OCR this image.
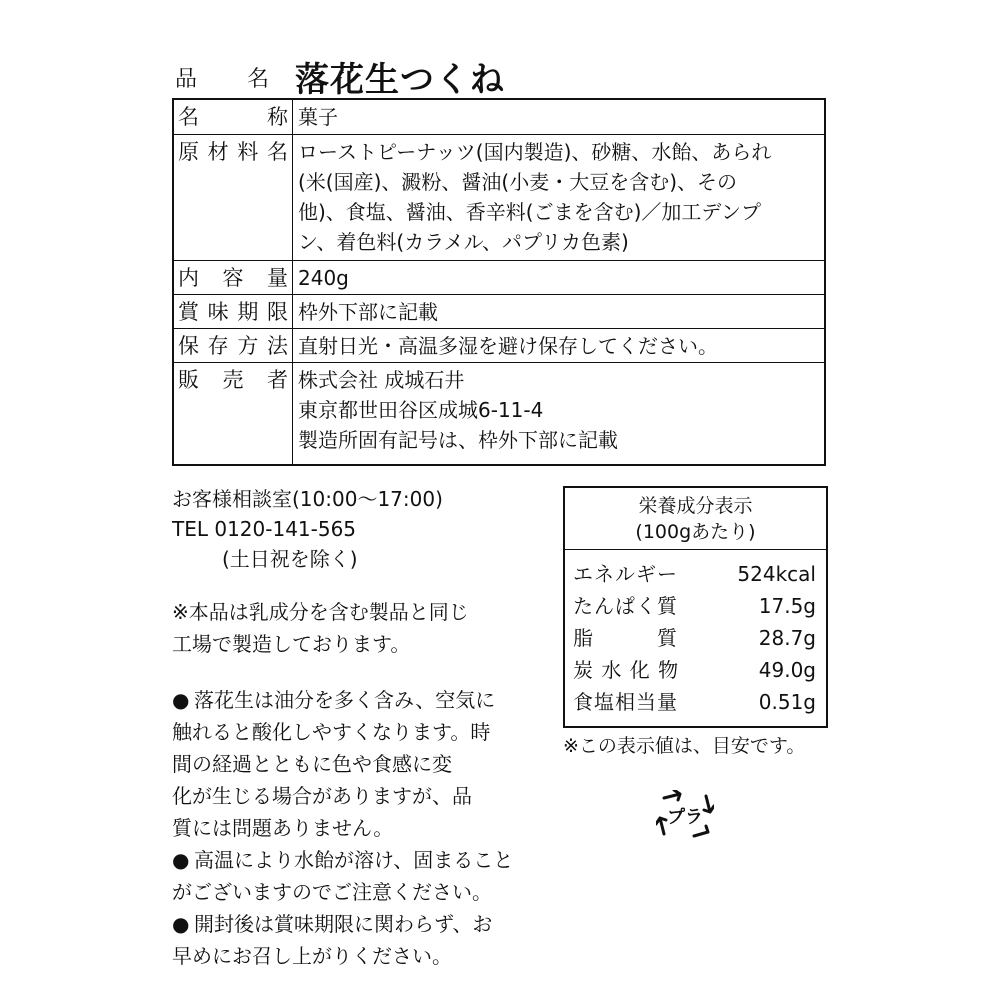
品　　名 落花生つくね
名　称 菓子
原材料名 ローストピーナッツ(国内製造)、砂糖、水飴、あられ
(米(国産)、澱粉、醤油(小麦・大豆を含む)、その
他)、食塩、醤油、香辛料(ごまを含む)／加工デンプ
ン、着色料(カラメル、パプリカ色素)
内容量 240g
賞味期限 枠外下部に記載
保存方法 直射日光・高温多湿を避け保存してください。
販売者 株式会社 成城石井
東京都世田谷区成城6-11-4
製造所固有記号は、枠外下部に記載
お客様相談室(10:00〜17:00)
TEL 0120-141-565
(土日祝を除く)
※本品は乳成分を含む製品と同じ
工場で製造しております。
● 落花生は油分を多く含み、空気に
触れると酸化しやすくなります。時
間の経過とともに色や食感に変
化が生じる場合がありますが、品
質には問題ありません。
● 高温により水飴が溶け、固まること
がございますのでご注意ください。
● 開封後は賞味期限に関わらず、お
早めにお召し上がりください。
栄養成分表示
(100gあたり)
エネルギー	524kcal
たんぱく質	17.5g
脂　　　質	28.7g
炭 水 化 物	49.0g
食塩相当量	0.51g
※この表示値は、目安です。
プラ
